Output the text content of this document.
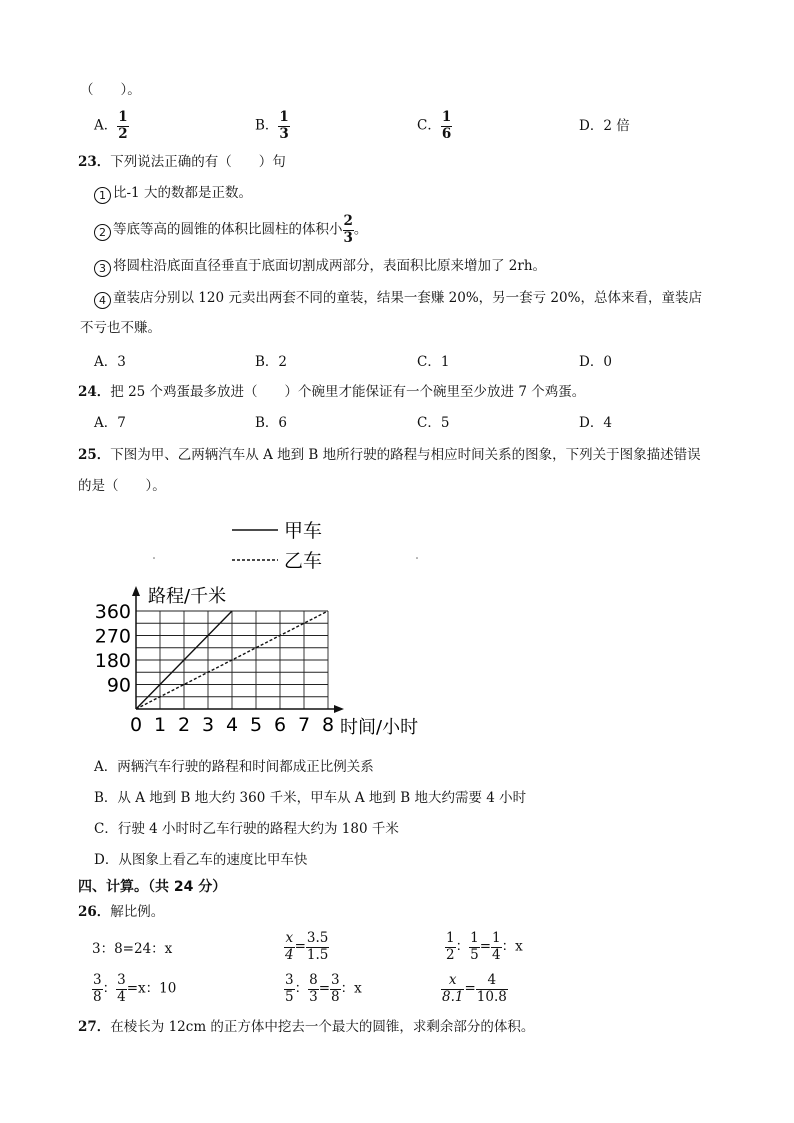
（　　）。
A． $\frac{1}{2}$	B． $\frac{1}{3}$	C． $\frac{1}{6}$	D．2 倍
23．下列说法正确的有（　　）句
1 比-1 大的数都是正数。
2 等底等高的圆锥的体积比圆柱的体积小 $\frac{2}{3}$ 。
3 将圆柱沿底面直径垂直于底面切割成两部分，表面积比原来增加了 2rh。
4 童装店分别以 120 元卖出两套不同的童装，结果一套赚 20%，另一套亏 20%，总体来看，童装店
不亏也不赚。
A．3	B．2	C．1	D．0
24．把 25 个鸡蛋最多放进（　　）个碗里才能保证有一个碗里至少放进 7 个鸡蛋。
A．7	B．6	C．5	D．4
25．下图为甲、乙两辆汽车从 A 地到 B 地所行驶的路程与相应时间关系的图象，下列关于图象描述错误
的是（　　）。
甲车
乙车
路程/千米
时间/小时
0 1 2 3 4 5 6 7 8
90
180
270
360
A．两辆汽车行驶的路程和时间都成正比例关系
B．从 A 地到 B 地大约 360 千米，甲车从 A 地到 B 地大约需要 4 小时
C．行驶 4 小时时乙车行驶的路程大约为 180 千米
D．从图象上看乙车的速度比甲车快
四、计算。（共 24 分）
26．解比例。
3：8=24：x	$\frac{x}{4} = \frac{3.5}{1.5}$	$\frac{1}{2}$ ： $\frac{1}{5} = \frac{1}{4}$ ：x
$\frac{3}{8}$ ： $\frac{3}{4} =x$：10	$\frac{3}{5}$ ： $\frac{8}{3} = \frac{3}{8}$ ：x	$\frac{x}{8.1} = \frac{4}{10.8}$
27．在棱长为 12cm 的正方体中挖去一个最大的圆锥，求剩余部分的体积。
